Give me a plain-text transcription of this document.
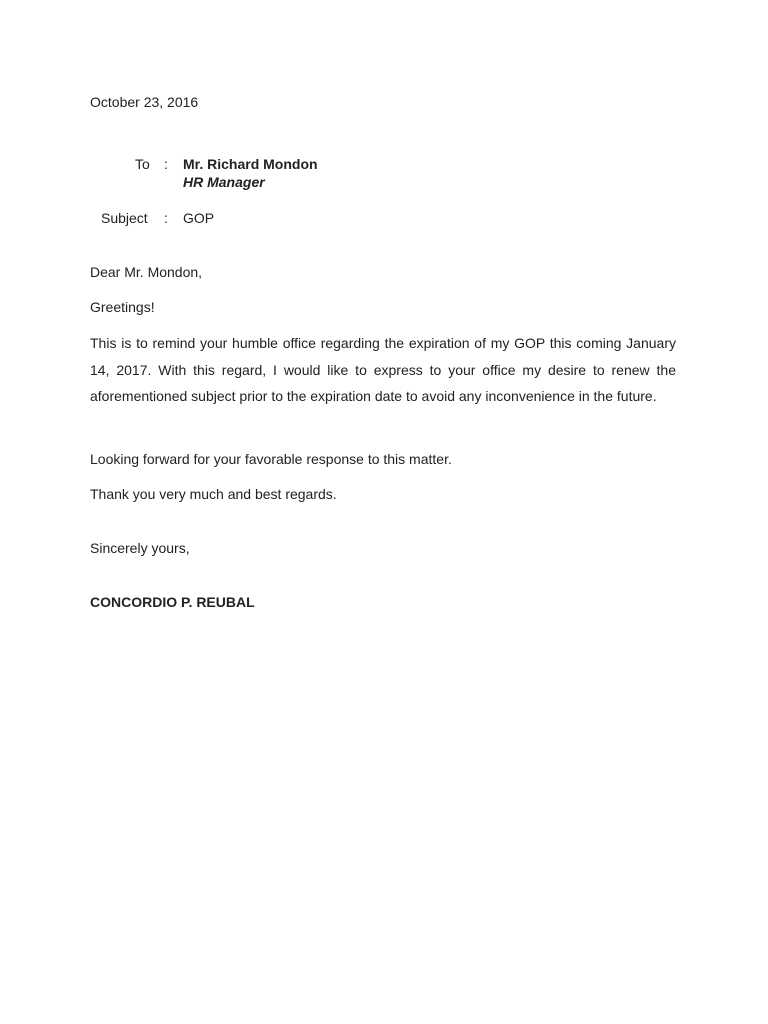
October 23, 2016
To : Mr. Richard Mondon
HR Manager
Subject : GOP
Dear Mr. Mondon,
Greetings!
This is to remind your humble office regarding the expiration of my GOP this coming January 14, 2017. With this regard, I would like to express to your office my desire to renew the aforementioned subject prior to the expiration date to avoid any inconvenience in the future.
Looking forward for your favorable response to this matter.
Thank you very much and best regards.
Sincerely yours,
CONCORDIO P. REUBAL
